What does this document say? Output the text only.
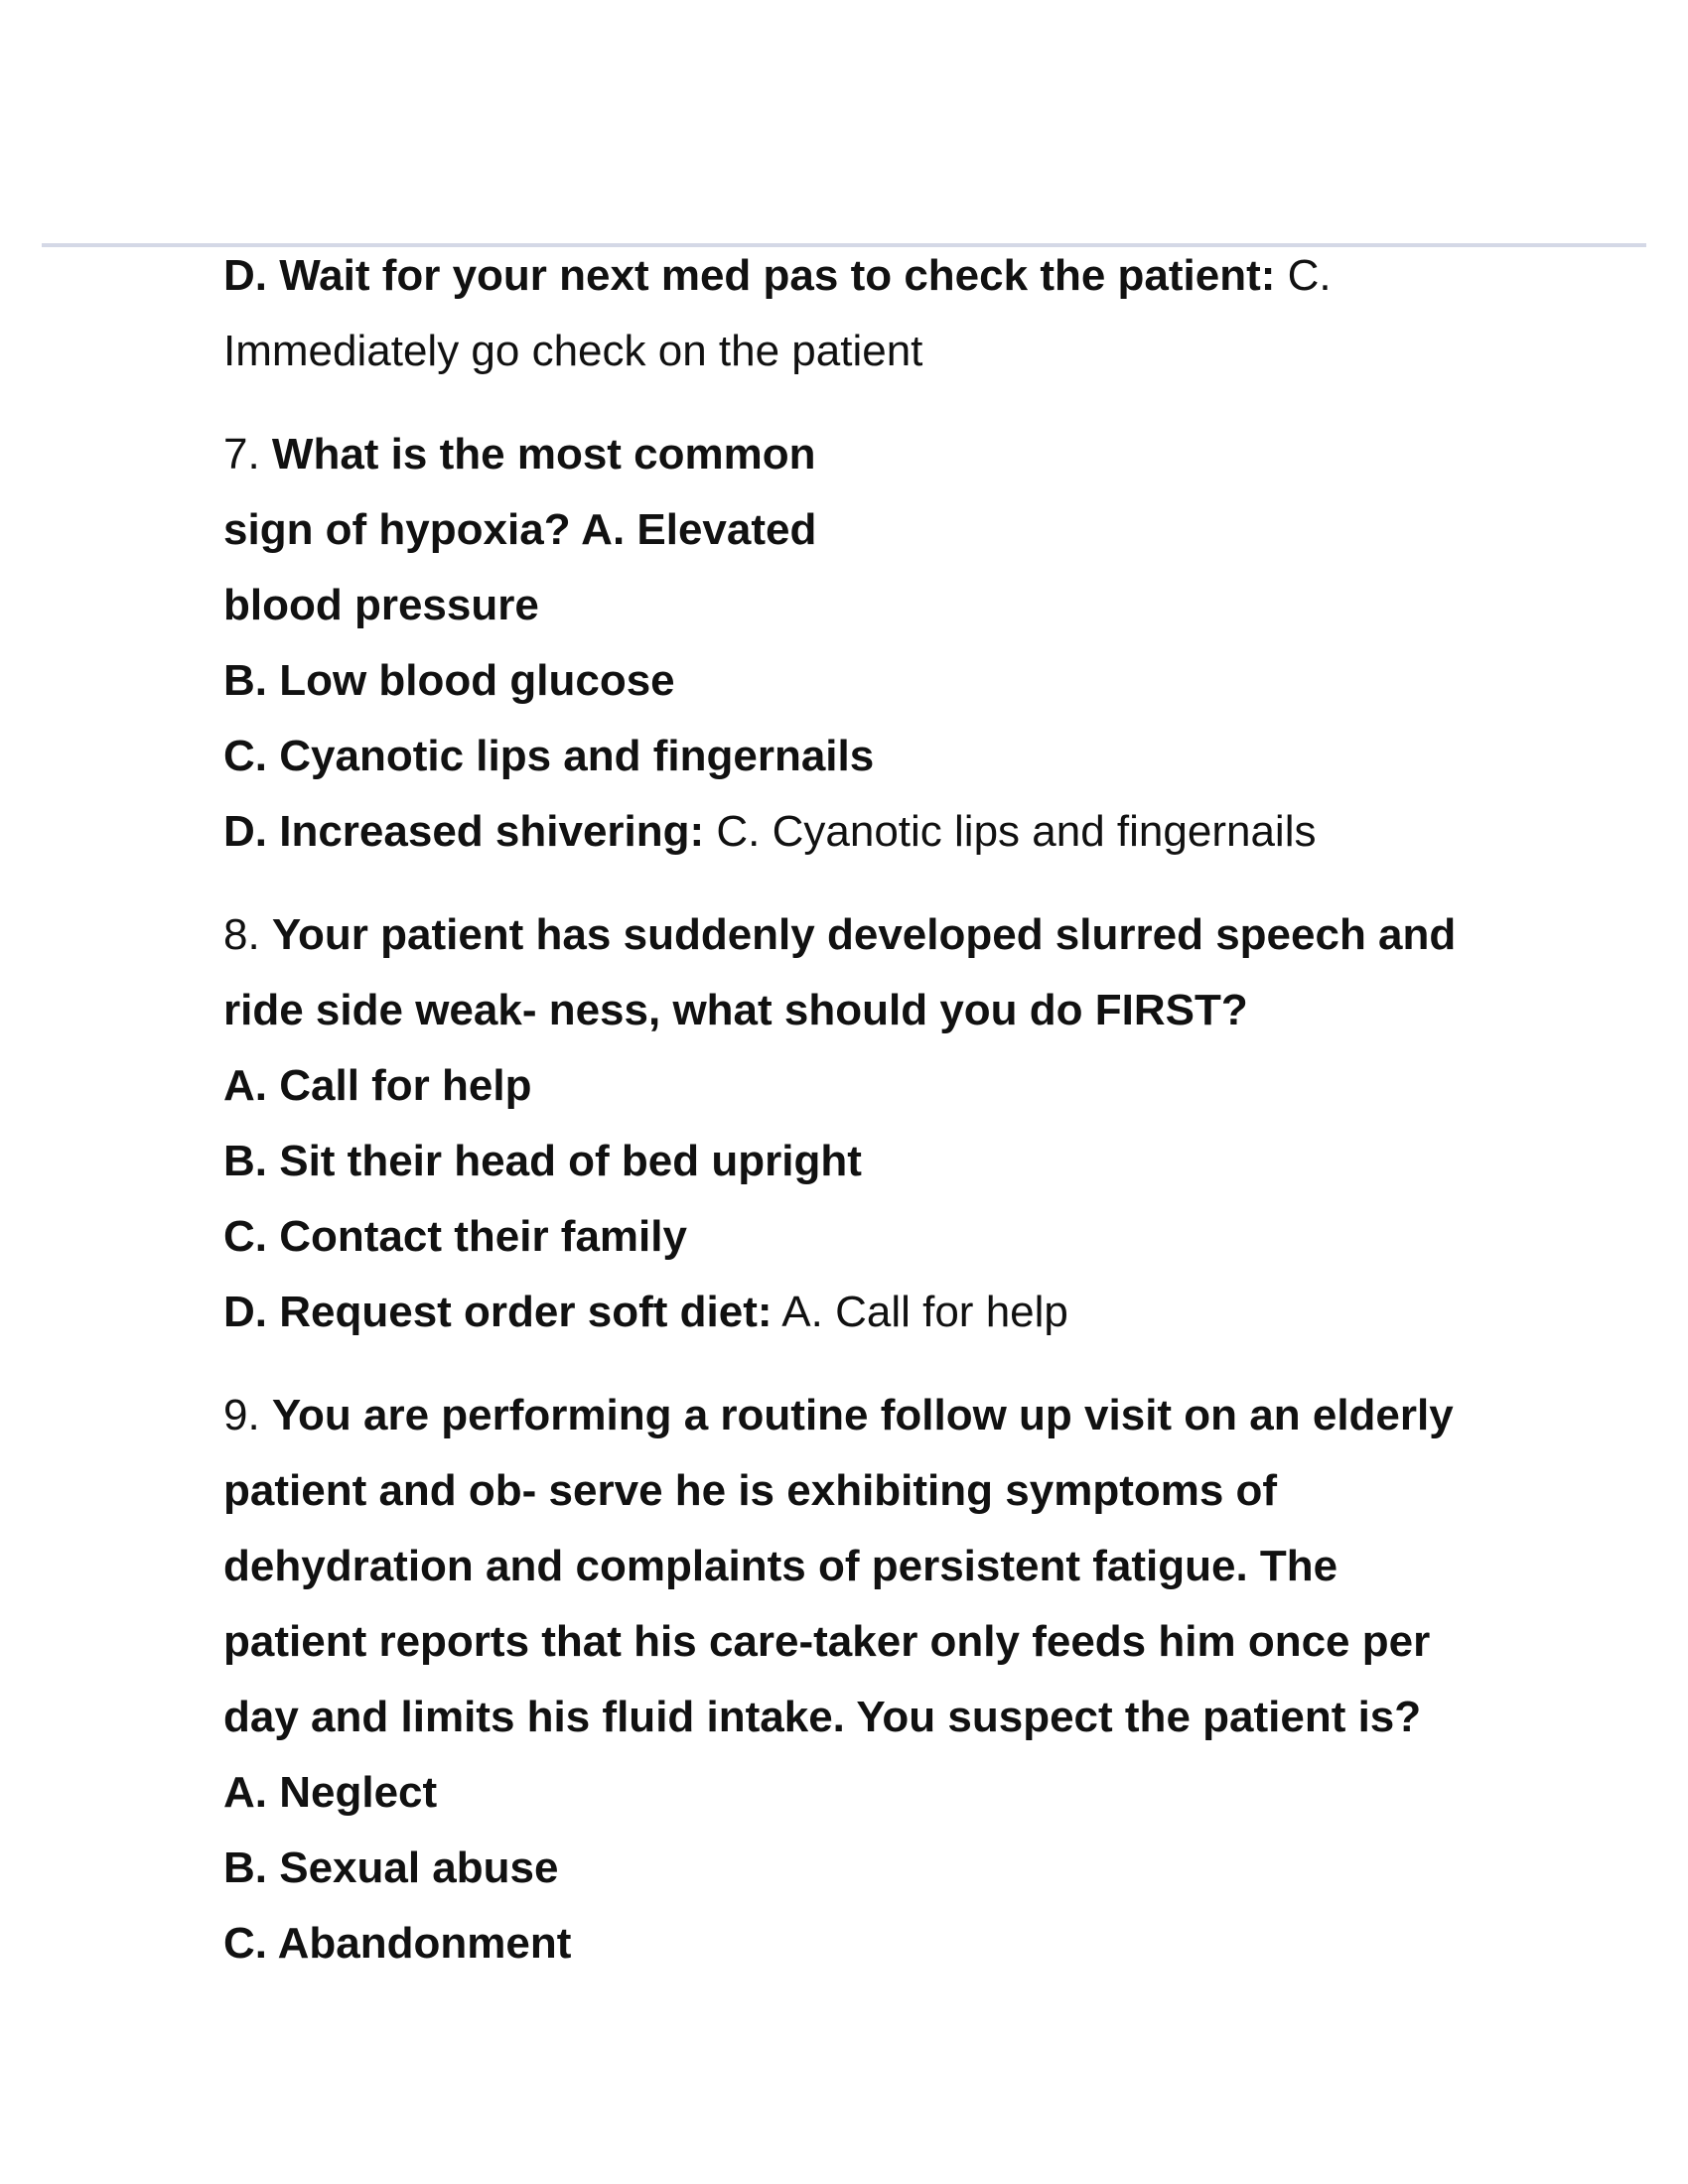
D. Wait for your next med pas to check the patient: C.
Immediately go check on the patient
7. What is the most common
sign of hypoxia? A. Elevated
blood pressure
B. Low blood glucose
C. Cyanotic lips and fingernails
D. Increased shivering: C. Cyanotic lips and fingernails
8. Your patient has suddenly developed slurred speech and
ride side weak- ness, what should you do FIRST?
A. Call for help
B. Sit their head of bed upright
C. Contact their family
D. Request order soft diet: A. Call for help
9. You are performing a routine follow up visit on an elderly
patient and ob- serve he is exhibiting symptoms of
dehydration and complaints of persistent fatigue. The
patient reports that his care-taker only feeds him once per
day and limits his fluid intake. You suspect the patient is?
A. Neglect
B. Sexual abuse
C. Abandonment
